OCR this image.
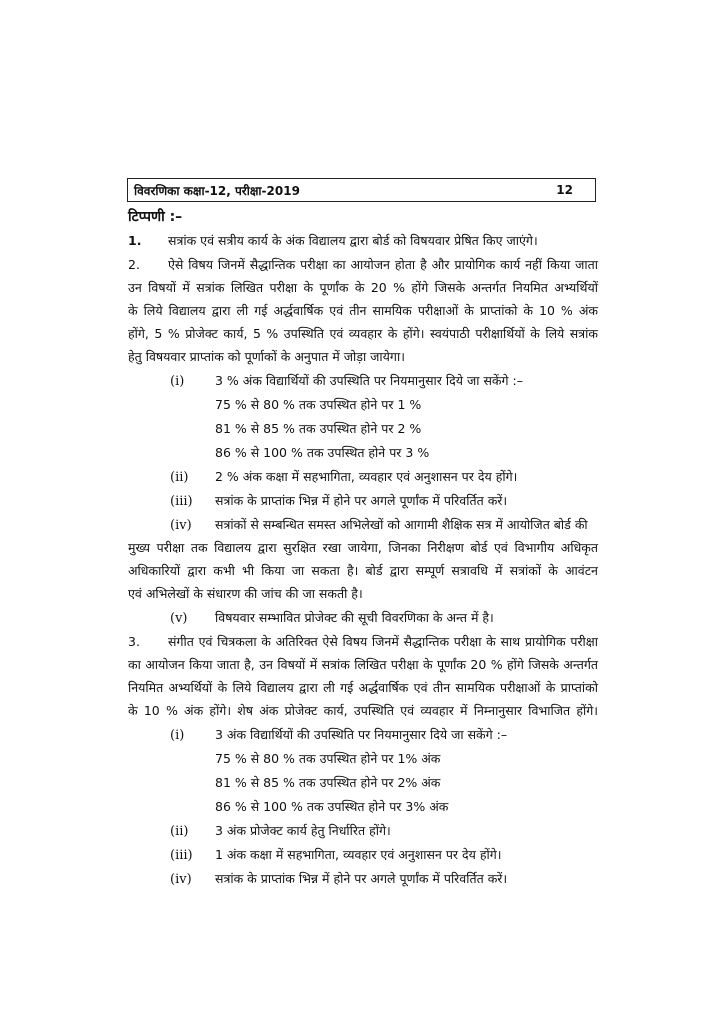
विवरणिका कक्षा-12, परीक्षा-2019	12
टिप्पणी :–
1. सत्रांक एवं सत्रीय कार्य के अंक विद्यालय द्वारा बोर्ड को विषयवार प्रेषित किए जाएंगे।
2. ऐसे विषय जिनमें सैद्धान्तिक परीक्षा का आयोजन होता है और प्रायोगिक कार्य नहीं किया जाता
उन विषयों में सत्रांक लिखित परीक्षा के पूर्णांक के 20 % होंगे जिसके अन्तर्गत नियमित अभ्यर्थियों
के लिये विद्यालय द्वारा ली गई अर्द्धवार्षिक एवं तीन सामयिक परीक्षाओं के प्राप्तांको के 10 % अंक
होंगे, 5 % प्रोजेक्ट कार्य, 5 % उपस्थिति एवं व्यवहार के होंगे। स्वयंपाठी परीक्षार्थियों के लिये सत्रांक
हेतु विषयवार प्राप्तांक को पूर्णाकों के अनुपात में जोड़ा जायेगा।
(i) 3 % अंक विद्यार्थियों की उपस्थिति पर नियमानुसार दिये जा सकेंगे :–
75 % से 80 % तक उपस्थित होने पर 1 %
81 % से 85 % तक उपस्थित होने पर 2 %
86 % से 100 % तक उपस्थित होने पर 3 %
(ii) 2 % अंक कक्षा में सहभागिता, व्यवहार एवं अनुशासन पर देय होंगे।
(iii) सत्रांक के प्राप्तांक भिन्न में होने पर अगले पूर्णांक में परिवर्तित करें।
(iv) सत्रांकों से सम्बन्धित समस्त अभिलेखों को आगामी शैक्षिक सत्र में आयोजित बोर्ड की
मुख्य परीक्षा तक विद्यालय द्वारा सुरक्षित रखा जायेगा, जिनका निरीक्षण बोर्ड एवं विभागीय अधिकृत
अधिकारियों द्वारा कभी भी किया जा सकता है। बोर्ड द्वारा सम्पूर्ण सत्रावधि में सत्रांकों के आवंटन
एवं अभिलेखों के संधारण की जांच की जा सकती है।
(v) विषयवार सम्भावित प्रोजेक्ट की सूची विवरणिका के अन्त में है।
3. संगीत एवं चित्रकला के अतिरिक्त ऐसे विषय जिनमें सैद्धान्तिक परीक्षा के साथ प्रायोगिक परीक्षा
का आयोजन किया जाता है, उन विषयों में सत्रांक लिखित परीक्षा के पूर्णांक 20 % होंगे जिसके अन्तर्गत
नियमित अभ्यर्थियों के लिये विद्यालय द्वारा ली गई अर्द्धवार्षिक एवं तीन सामयिक परीक्षाओं के प्राप्तांको
के 10 % अंक होंगे। शेष अंक प्रोजेक्ट कार्य, उपस्थिति एवं व्यवहार में निम्नानुसार विभाजित होंगे।
(i) 3 अंक विद्यार्थियों की उपस्थिति पर नियमानुसार दिये जा सकेंगे :–
75 % से 80 % तक उपस्थित होने पर 1% अंक
81 % से 85 % तक उपस्थित होने पर 2% अंक
86 % से 100 % तक उपस्थित होने पर 3% अंक
(ii) 3 अंक प्रोजेक्ट कार्य हेतु निर्धारित होंगे।
(iii) 1 अंक कक्षा में सहभागिता, व्यवहार एवं अनुशासन पर देय होंगे।
(iv) सत्रांक के प्राप्तांक भिन्न में होने पर अगले पूर्णांक में परिवर्तित करें।
